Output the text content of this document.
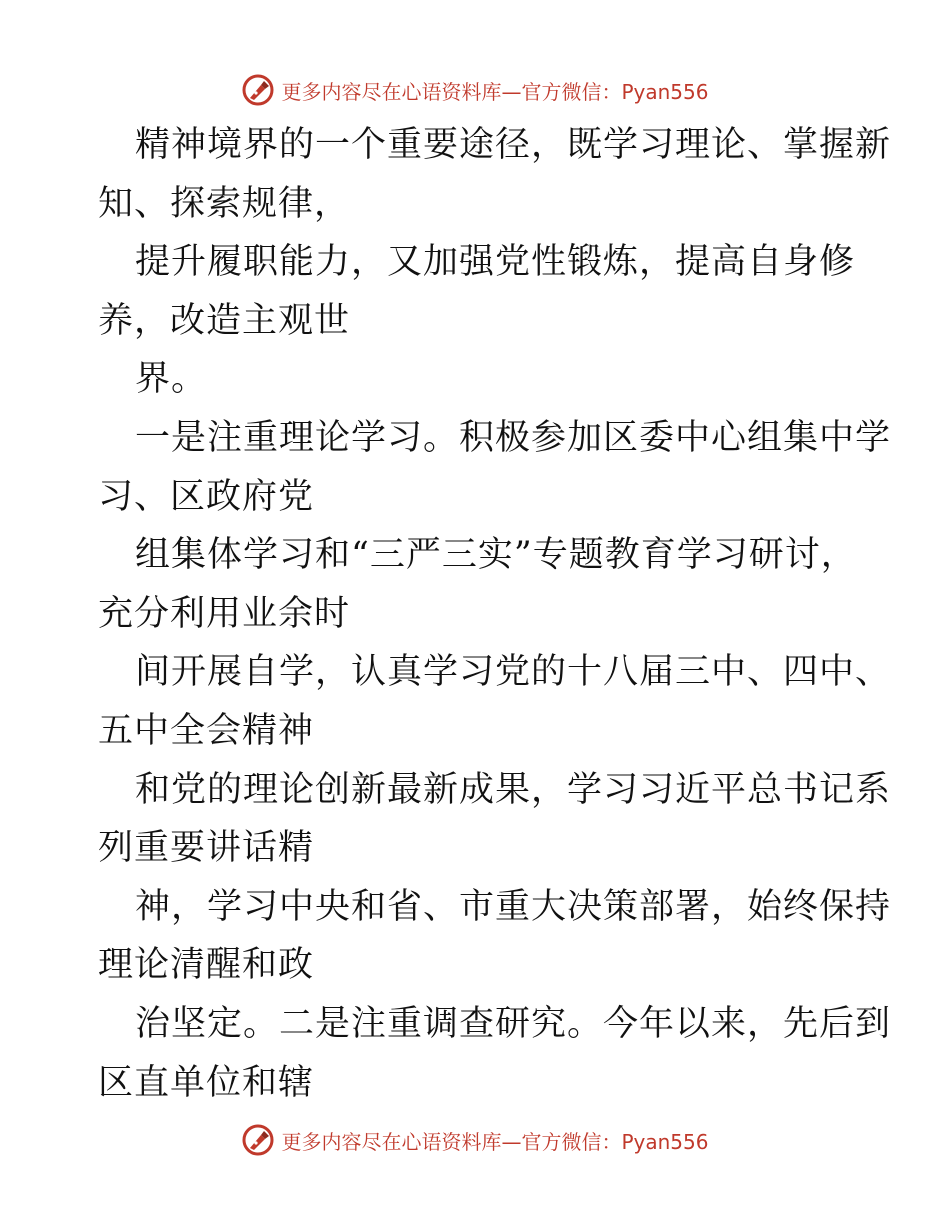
更多内容尽在心语资料库—官方微信：Pyan556
精神境界的一个重要途径，既学习理论、掌握新
知、探索规律，
提升履职能力，又加强党性锻炼，提高自身修
养，改造主观世
界。
一是注重理论学习。积极参加区委中心组集中学
习、区政府党
组集体学习和“三严三实”专题教育学习研讨，
充分利用业余时
间开展自学，认真学习党的十八届三中、四中、
五中全会精神
和党的理论创新最新成果，学习习近平总书记系
列重要讲话精
神，学习中央和省、市重大决策部署，始终保持
理论清醒和政
治坚定。二是注重调查研究。今年以来，先后到
区直单位和辖
更多内容尽在心语资料库—官方微信：Pyan556
